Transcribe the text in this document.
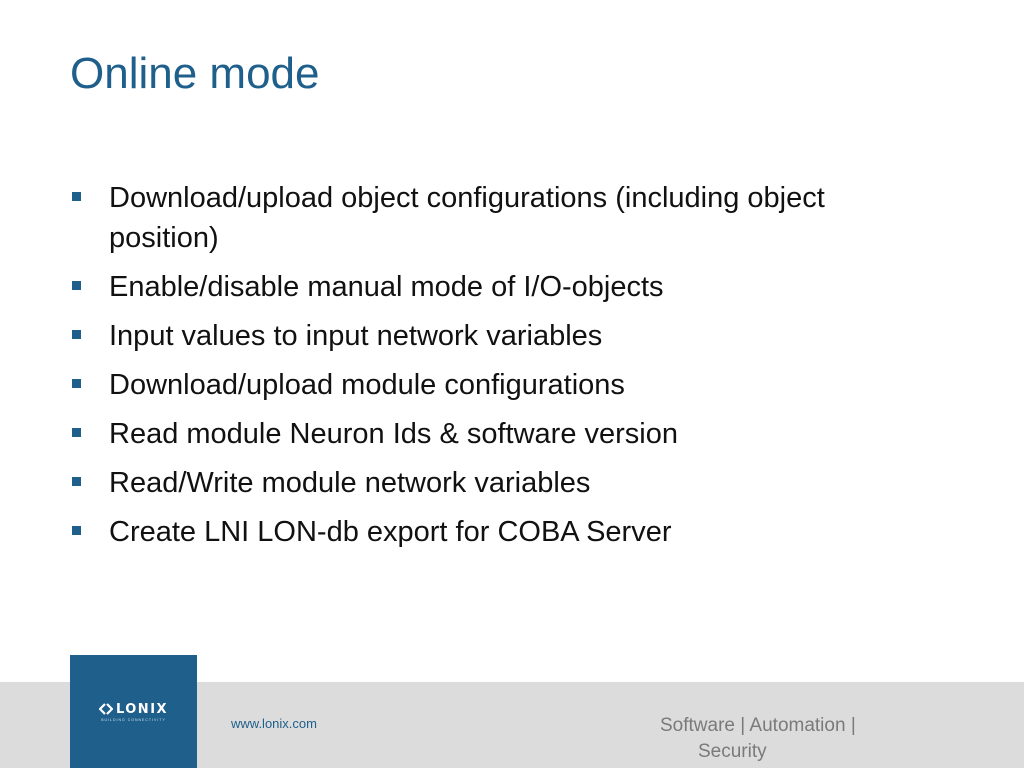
Online mode
Download/upload object configurations (including object position)
Enable/disable manual mode of I/O-objects
Input values to input network variables
Download/upload module configurations
Read module Neuron Ids & software version
Read/Write module network variables
Create LNI LON-db export for COBA Server
LONIX
BUILDING CONNECTIVITY	www.lonix.com	Software | Automation |
Security
